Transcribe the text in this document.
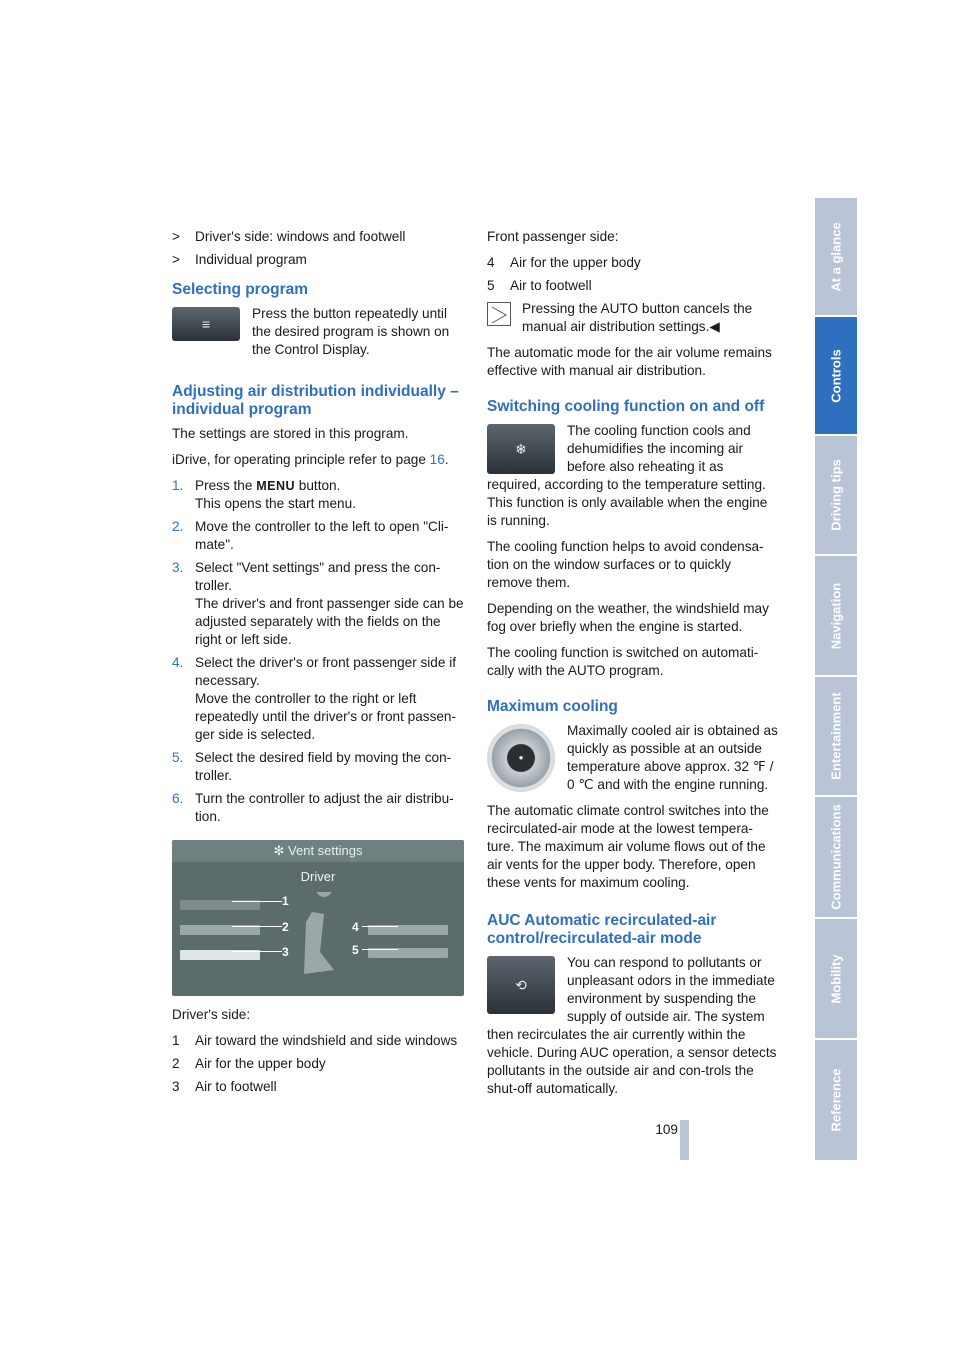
>	Driver's side: windows and footwell
>	Individual program
Selecting program
≡

Press the button repeatedly until the desired program is shown on the Control Display.

Adjusting air distribution individually – individual program

The settings are stored in this program.

iDrive, for operating principle refer to page 16.

1. Press the MENU button.
This opens the start menu.
2. Move the controller to the left to open "Cli-mate".
3. Select "Vent settings" and press the con-troller.
The driver's and front passenger side can be adjusted separately with the fields on the right or left side.
4. Select the driver's or front passenger side if necessary.
Move the controller to the right or left repeatedly until the driver's or front passen-ger side is selected.
5. Select the desired field by moving the con-troller.
6. Turn the controller to adjust the air distribu-tion.
✻ Vent settings
Driver
1
2
3
4
5

Driver's side:

1	Air toward the windshield and side windows
2	Air for the upper body
3	Air to footwell

Front passenger side:

4	Air for the upper body
5	Air to footwell

Pressing the AUTO button cancels the manual air distribution settings.◀

The automatic mode for the air volume remains effective with manual air distribution.

Switching cooling function on and off
❄

The cooling function cools and dehumidifies the incoming air before also reheating it as required, according to the temperature setting. This function is only available when the engine is running.

The cooling function helps to avoid condensa-tion on the window surfaces or to quickly remove them.

Depending on the weather, the windshield may fog over briefly when the engine is started.

The cooling function is switched on automati-cally with the AUTO program.

Maximum cooling
●

Maximally cooled air is obtained as quickly as possible at an outside temperature above approx. 32 ℉ / 0 ℃ and with the engine running.

The automatic climate control switches into the recirculated-air mode at the lowest tempera-ture. The maximum air volume flows out of the air vents for the upper body. Therefore, open these vents for maximum cooling.

AUC Automatic recirculated-air control/recirculated-air mode
⟲

You can respond to pollutants or unpleasant odors in the immediate environment by suspending the supply of outside air. The system then recirculates the air currently within the vehicle. During AUC operation, a sensor detects pollutants in the outside air and con-trols the shut-off automatically.

At a glance
Controls
Driving tips
Navigation
Entertainment
Communications
Mobility
Reference
109
